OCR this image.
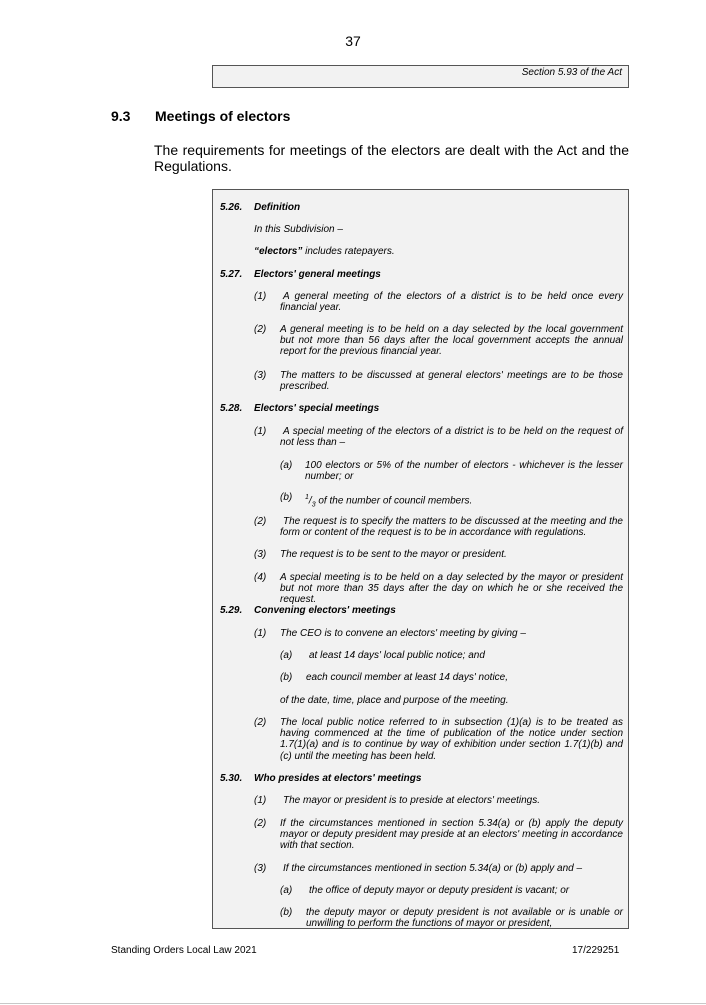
37
Section 5.93 of the Act
9.3 Meetings of electors
The requirements for meetings of the electors are dealt with the Act and the Regulations.
5.26. Definition
In this Subdivision –
“electors” includes ratepayers.
5.27. Electors' general meetings
(1)	A general meeting of the electors of a district is to be held once every financial year.
(2) A general meeting is to be held on a day selected by the local government but not more than 56 days after the local government accepts the annual report for the previous financial year.
(3) The matters to be discussed at general electors' meetings are to be those prescribed.
5.28. Electors' special meetings
(1)	A special meeting of the electors of a district is to be held on the request of not less than –
(a) 100 electors or 5% of the number of electors - whichever is the lesser number; or
(b) $^1/_3$ of the number of council members.
(2)	The request is to specify the matters to be discussed at the meeting and the form or content of the request is to be in accordance with regulations.
(3) The request is to be sent to the mayor or president.
(4) A special meeting is to be held on a day selected by the mayor or president but not more than 35 days after the day on which he or she received the request.
5.29. Convening electors' meetings
(1) The CEO is to convene an electors' meeting by giving –
(a) at least 14 days' local public notice; and
(b) each council member at least 14 days' notice,
of the date, time, place and purpose of the meeting.
(2) The local public notice referred to in subsection (1)(a) is to be treated as having commenced at the time of publication of the notice under section 1.7(1)(a) and is to continue by way of exhibition under section 1.7(1)(b) and (c) until the meeting has been held.
5.30. Who presides at electors' meetings
(1) The mayor or president is to preside at electors' meetings.
(2) If the circumstances mentioned in section 5.34(a) or (b) apply the deputy mayor or deputy president may preside at an electors' meeting in accordance with that section.
(3) If the circumstances mentioned in section 5.34(a) or (b) apply and –
(a) the office of deputy mayor or deputy president is vacant; or
(b) the deputy mayor or deputy president is not available or is unable or unwilling to perform the functions of mayor or president,
Standing Orders Local Law 2021	17/229251
